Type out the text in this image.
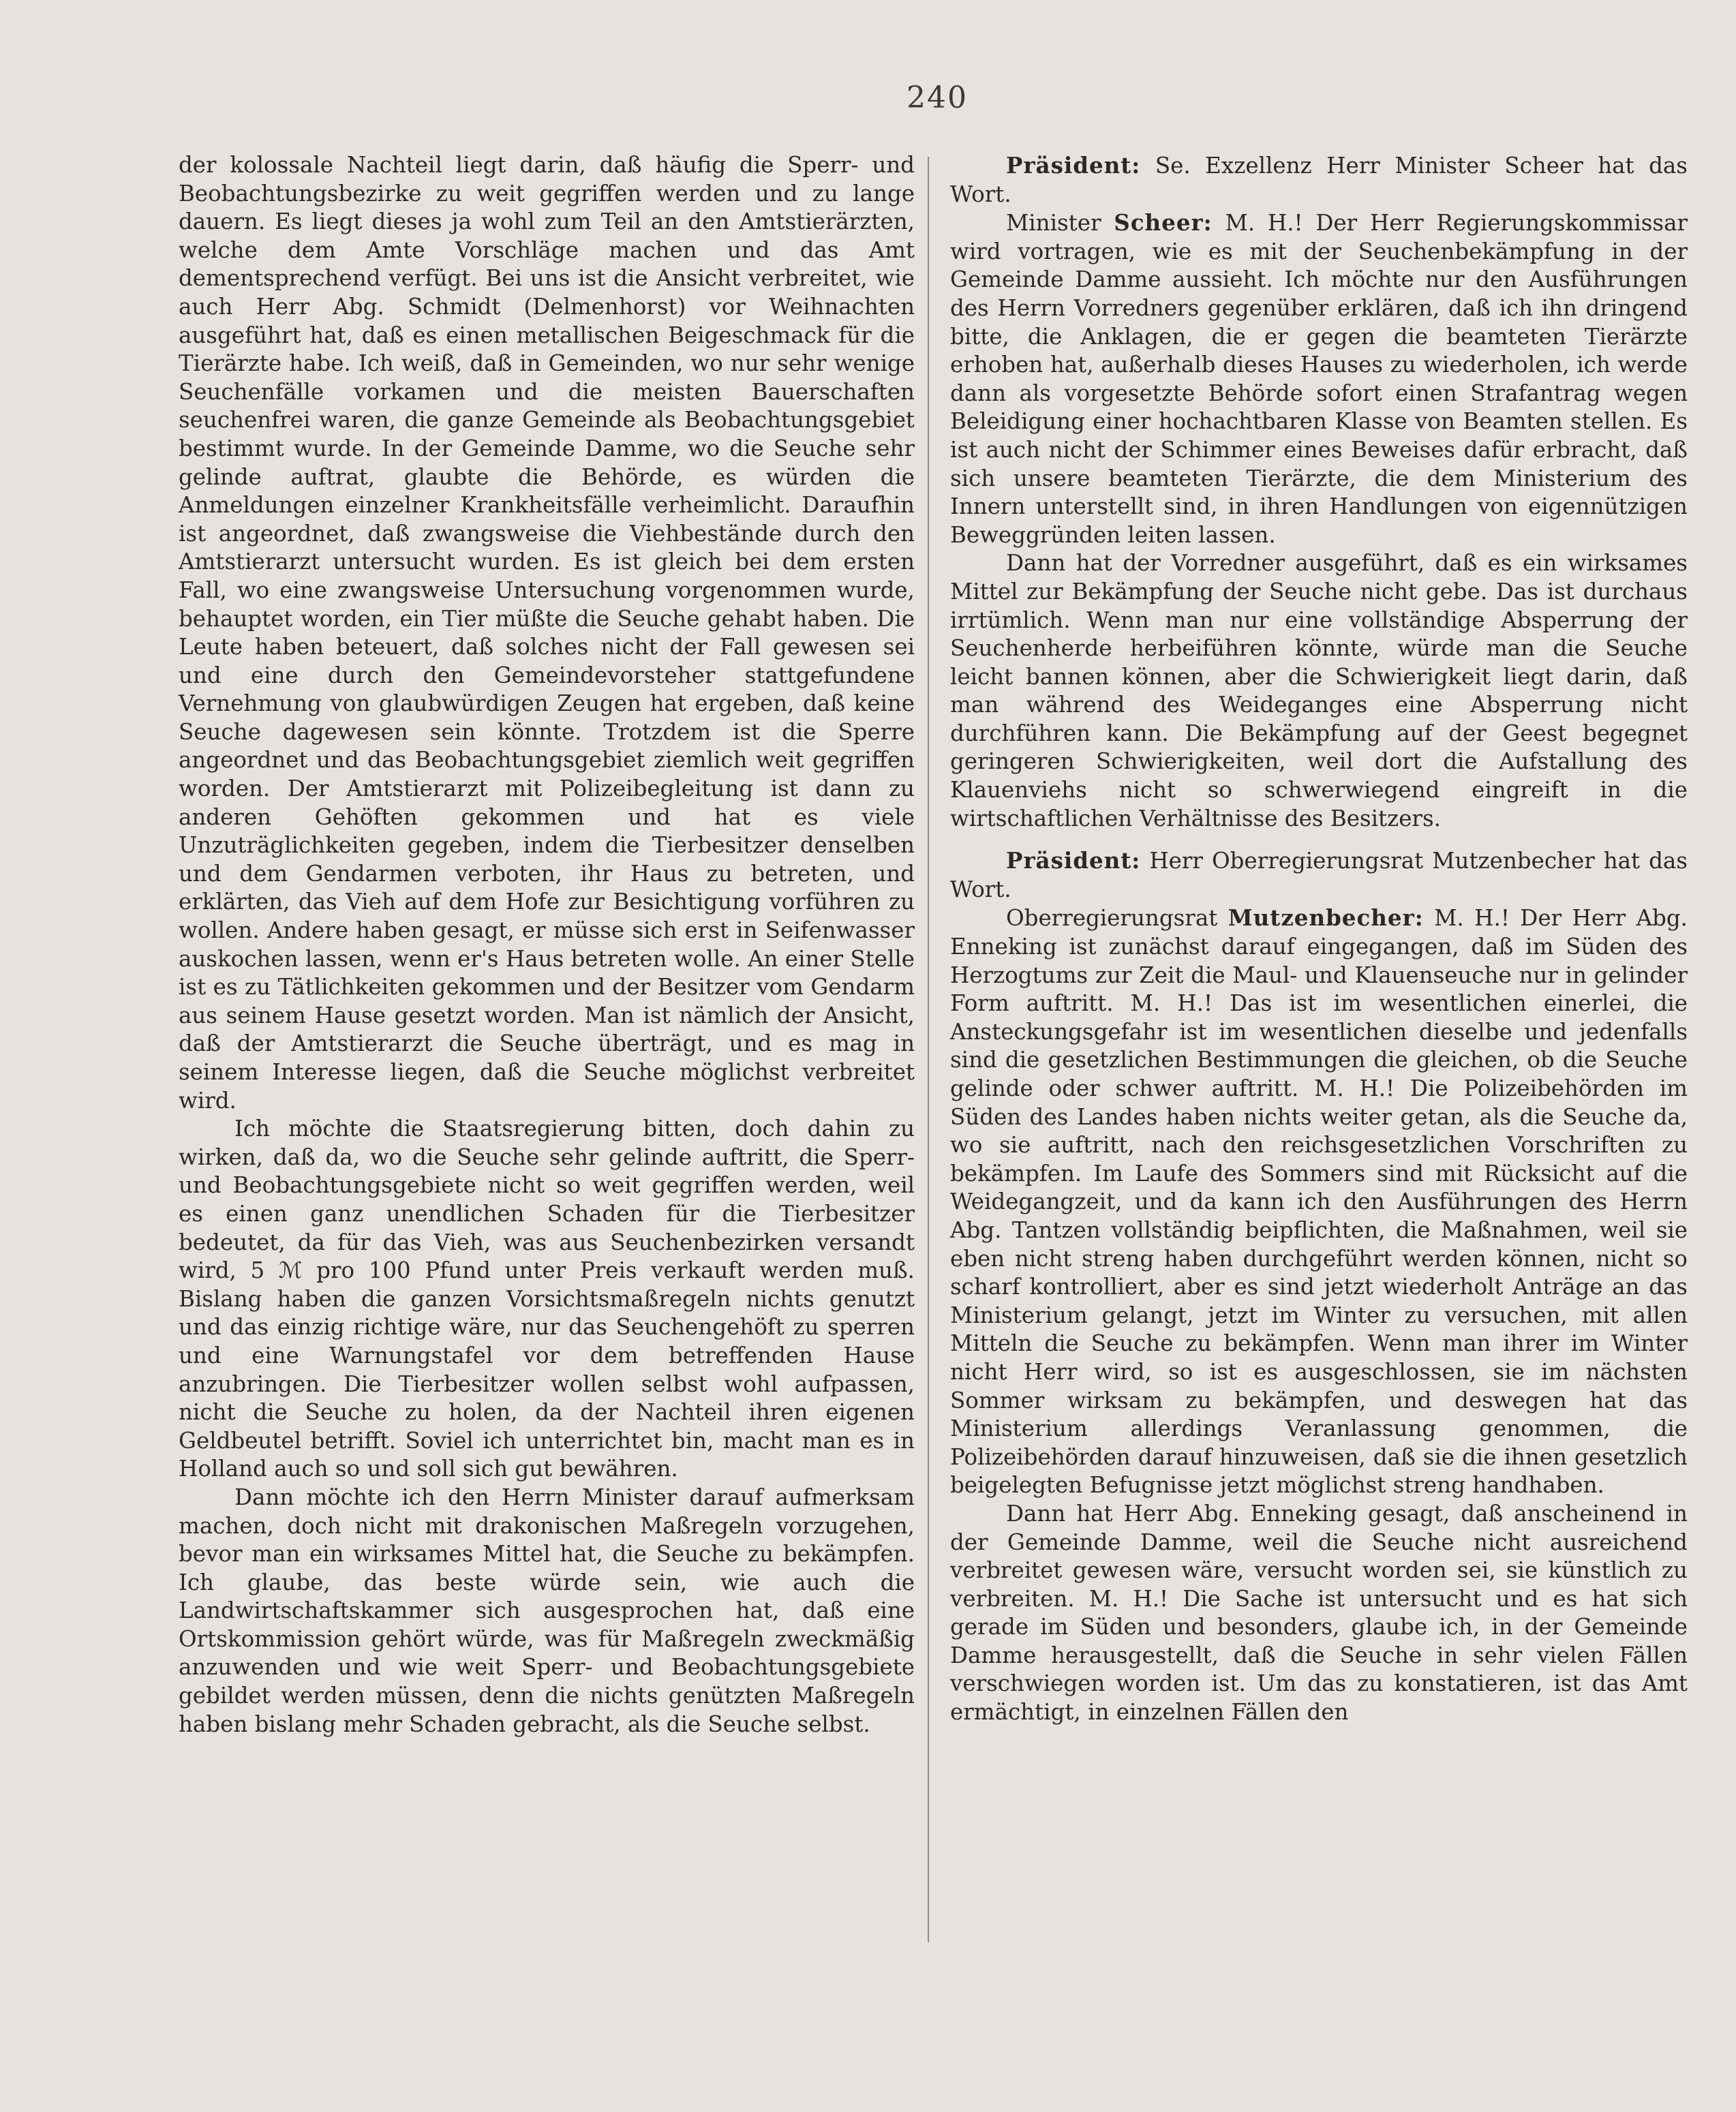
240

der kolossale Nachteil liegt darin, daß häufig die Sperr- und Beobachtungsbezirke zu weit gegriffen werden und zu lange dauern. Es liegt dieses ja wohl zum Teil an den Amtstierärzten, welche dem Amte Vorschläge machen und das Amt dementsprechend verfügt. Bei uns ist die Ansicht verbreitet, wie auch Herr Abg. Schmidt (Delmenhorst) vor Weihnachten ausgeführt hat, daß es einen metallischen Beigeschmack für die Tierärzte habe. Ich weiß, daß in Gemeinden, wo nur sehr wenige Seuchenfälle vorkamen und die meisten Bauerschaften seuchenfrei waren, die ganze Gemeinde als Beobachtungsgebiet bestimmt wurde. In der Gemeinde Damme, wo die Seuche sehr gelinde auftrat, glaubte die Behörde, es würden die Anmeldungen einzelner Krankheitsfälle verheimlicht. Daraufhin ist angeordnet, daß zwangsweise die Viehbestände durch den Amtstierarzt untersucht wurden. Es ist gleich bei dem ersten Fall, wo eine zwangsweise Untersuchung vorgenommen wurde, behauptet worden, ein Tier müßte die Seuche gehabt haben. Die Leute haben beteuert, daß solches nicht der Fall gewesen sei und eine durch den Gemeindevorsteher stattgefundene Vernehmung von glaubwürdigen Zeugen hat ergeben, daß keine Seuche dagewesen sein könnte. Trotzdem ist die Sperre angeordnet und das Beobachtungsgebiet ziemlich weit gegriffen worden. Der Amtstierarzt mit Polizeibegleitung ist dann zu anderen Gehöften gekommen und hat es viele Unzuträglichkeiten gegeben, indem die Tierbesitzer denselben und dem Gendarmen verboten, ihr Haus zu betreten, und erklärten, das Vieh auf dem Hofe zur Besichtigung vorführen zu wollen. Andere haben gesagt, er müsse sich erst in Seifenwasser auskochen lassen, wenn er's Haus betreten wolle. An einer Stelle ist es zu Tätlichkeiten gekommen und der Besitzer vom Gendarm aus seinem Hause gesetzt worden. Man ist nämlich der Ansicht, daß der Amtstierarzt die Seuche überträgt, und es mag in seinem Interesse liegen, daß die Seuche möglichst verbreitet wird.

Ich möchte die Staatsregierung bitten, doch dahin zu wirken, daß da, wo die Seuche sehr gelinde auftritt, die Sperr- und Beobachtungsgebiete nicht so weit gegriffen werden, weil es einen ganz unendlichen Schaden für die Tierbesitzer bedeutet, da für das Vieh, was aus Seuchenbezirken versandt wird, 5 ℳ pro 100 Pfund unter Preis verkauft werden muß. Bislang haben die ganzen Vorsichtsmaßregeln nichts genutzt und das einzig richtige wäre, nur das Seuchengehöft zu sperren und eine Warnungstafel vor dem betreffenden Hause anzubringen. Die Tierbesitzer wollen selbst wohl aufpassen, nicht die Seuche zu holen, da der Nachteil ihren eigenen Geldbeutel betrifft. Soviel ich unterrichtet bin, macht man es in Holland auch so und soll sich gut bewähren.

Dann möchte ich den Herrn Minister darauf aufmerksam machen, doch nicht mit drakonischen Maßregeln vorzugehen, bevor man ein wirksames Mittel hat, die Seuche zu bekämpfen. Ich glaube, das beste würde sein, wie auch die Landwirtschaftskammer sich ausgesprochen hat, daß eine Ortskommission gehört würde, was für Maßregeln zweckmäßig anzuwenden und wie weit Sperr- und Beobachtungsgebiete gebildet werden müssen, denn die nichts genützten Maßregeln haben bislang mehr Schaden gebracht, als die Seuche selbst.

Präsident: Se. Exzellenz Herr Minister Scheer hat das Wort.

Minister Scheer: M. H.! Der Herr Regierungskommissar wird vortragen, wie es mit der Seuchenbekämpfung in der Gemeinde Damme aussieht. Ich möchte nur den Ausführungen des Herrn Vorredners gegenüber erklären, daß ich ihn dringend bitte, die Anklagen, die er gegen die beamteten Tierärzte erhoben hat, außerhalb dieses Hauses zu wiederholen, ich werde dann als vorgesetzte Behörde sofort einen Strafantrag wegen Beleidigung einer hochachtbaren Klasse von Beamten stellen. Es ist auch nicht der Schimmer eines Beweises dafür erbracht, daß sich unsere beamteten Tierärzte, die dem Ministerium des Innern unterstellt sind, in ihren Handlungen von eigennützigen Beweggründen leiten lassen.

Dann hat der Vorredner ausgeführt, daß es ein wirksames Mittel zur Bekämpfung der Seuche nicht gebe. Das ist durchaus irrtümlich. Wenn man nur eine vollständige Absperrung der Seuchenherde herbeiführen könnte, würde man die Seuche leicht bannen können, aber die Schwierigkeit liegt darin, daß man während des Weideganges eine Absperrung nicht durchführen kann. Die Bekämpfung auf der Geest begegnet geringeren Schwierigkeiten, weil dort die Aufstallung des Klauenviehs nicht so schwerwiegend eingreift in die wirtschaftlichen Verhältnisse des Besitzers.

Präsident: Herr Oberregierungsrat Mutzenbecher hat das Wort.

Oberregierungsrat Mutzenbecher: M. H.! Der Herr Abg. Enneking ist zunächst darauf eingegangen, daß im Süden des Herzogtums zur Zeit die Maul- und Klauenseuche nur in gelinder Form auftritt. M. H.! Das ist im wesentlichen einerlei, die Ansteckungsgefahr ist im wesentlichen dieselbe und jedenfalls sind die gesetzlichen Bestimmungen die gleichen, ob die Seuche gelinde oder schwer auftritt. M. H.! Die Polizeibehörden im Süden des Landes haben nichts weiter getan, als die Seuche da, wo sie auftritt, nach den reichsgesetzlichen Vorschriften zu bekämpfen. Im Laufe des Sommers sind mit Rücksicht auf die Weidegangzeit, und da kann ich den Ausführungen des Herrn Abg. Tantzen vollständig beipflichten, die Maßnahmen, weil sie eben nicht streng haben durchgeführt werden können, nicht so scharf kontrolliert, aber es sind jetzt wiederholt Anträge an das Ministerium gelangt, jetzt im Winter zu versuchen, mit allen Mitteln die Seuche zu bekämpfen. Wenn man ihrer im Winter nicht Herr wird, so ist es ausgeschlossen, sie im nächsten Sommer wirksam zu bekämpfen, und deswegen hat das Ministerium allerdings Veranlassung genommen, die Polizeibehörden darauf hinzuweisen, daß sie die ihnen gesetzlich beigelegten Befugnisse jetzt möglichst streng handhaben.

Dann hat Herr Abg. Enneking gesagt, daß anscheinend in der Gemeinde Damme, weil die Seuche nicht ausreichend verbreitet gewesen wäre, versucht worden sei, sie künstlich zu verbreiten. M. H.! Die Sache ist untersucht und es hat sich gerade im Süden und besonders, glaube ich, in der Gemeinde Damme herausgestellt, daß die Seuche in sehr vielen Fällen verschwiegen worden ist. Um das zu konstatieren, ist das Amt ermächtigt, in einzelnen Fällen den
